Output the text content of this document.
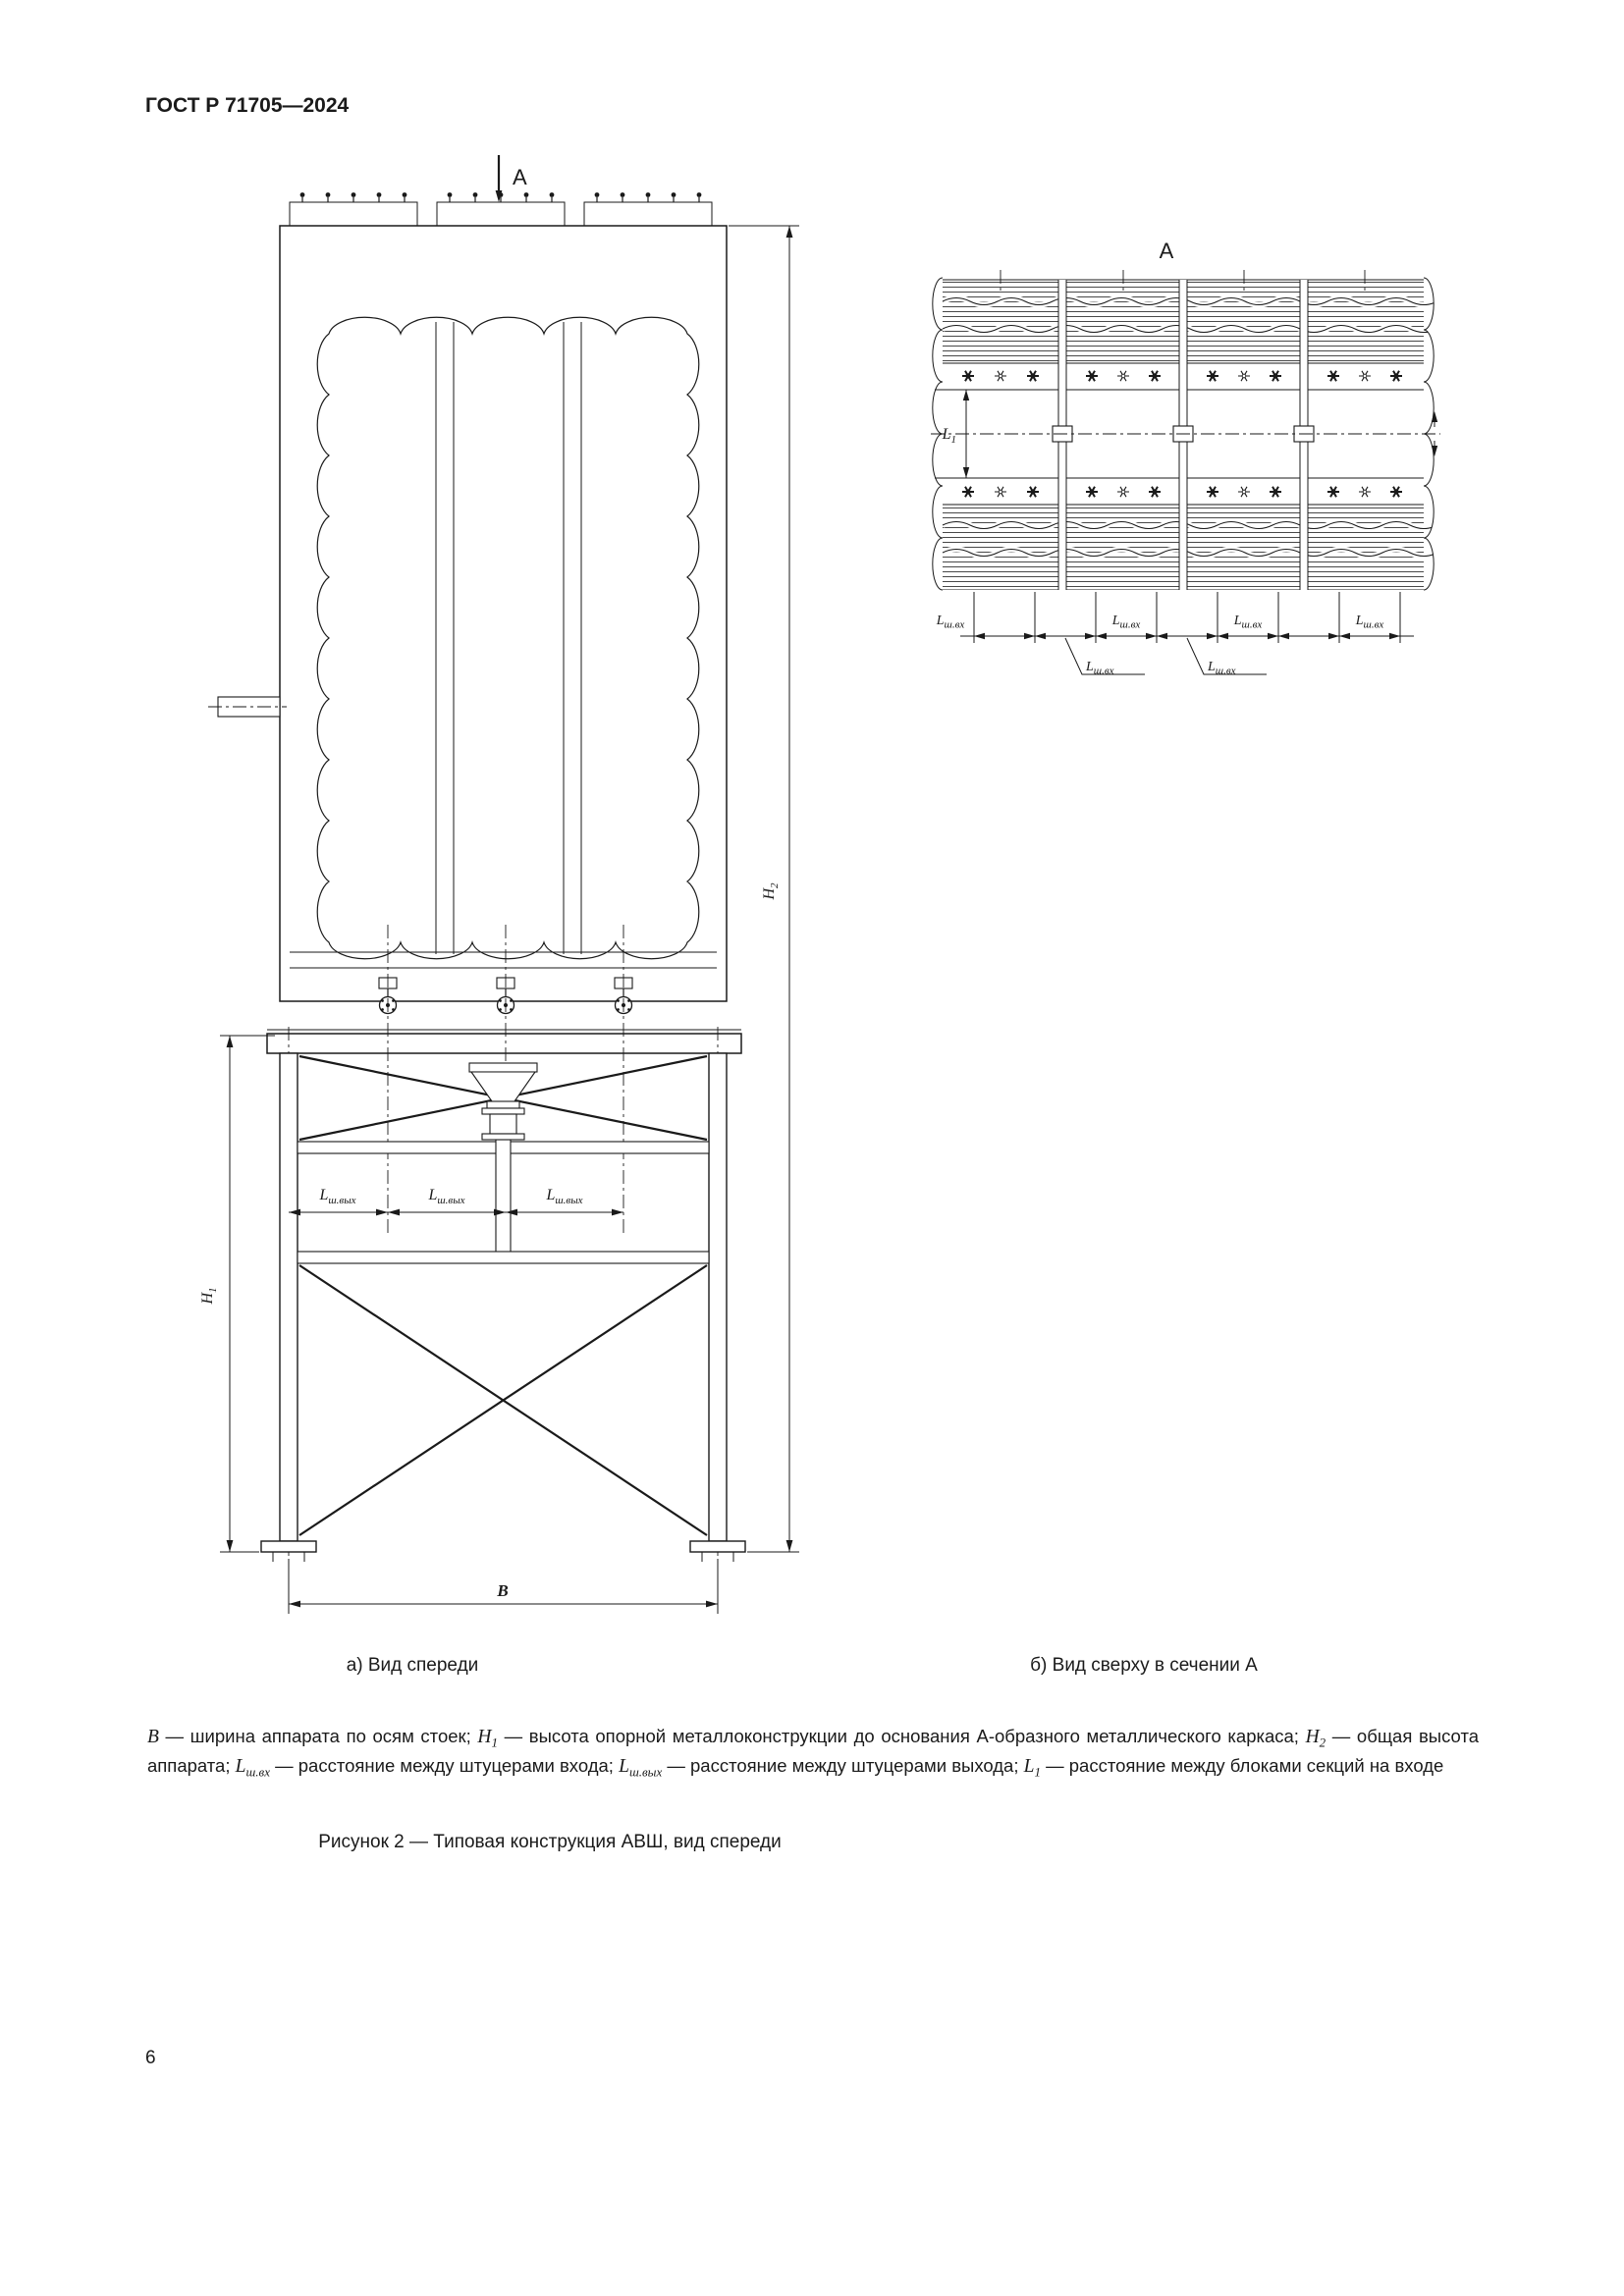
ГОСТ Р 71705—2024
А
$L_{ш.вых}$	$L_{ш.вых}$	$L_{ш.вых}$
$H_1$
$H_2$
B
А
$L_1$
$L_{ш.вх}$	$L_{ш.вх}$	$L_{ш.вх}$	$L_{ш.вх}$
$L_{ш.вх}$	$L_{ш.вх}$
а) Вид спереди	б) Вид сверху в сечении А
В — ширина аппарата по осям стоек; $H_1$ — высота опорной металлоконструкции до основания А-образного металлического каркаса; $H_2$ — общая высота аппарата; $L_{ш.вх}$ — расстояние между штуцерами входа; $L_{ш.вых}$ — расстояние между штуцерами выхода; $L_1$ — расстояние между блоками секций на входе
Рисунок 2 — Типовая конструкция АВШ, вид спереди
6
